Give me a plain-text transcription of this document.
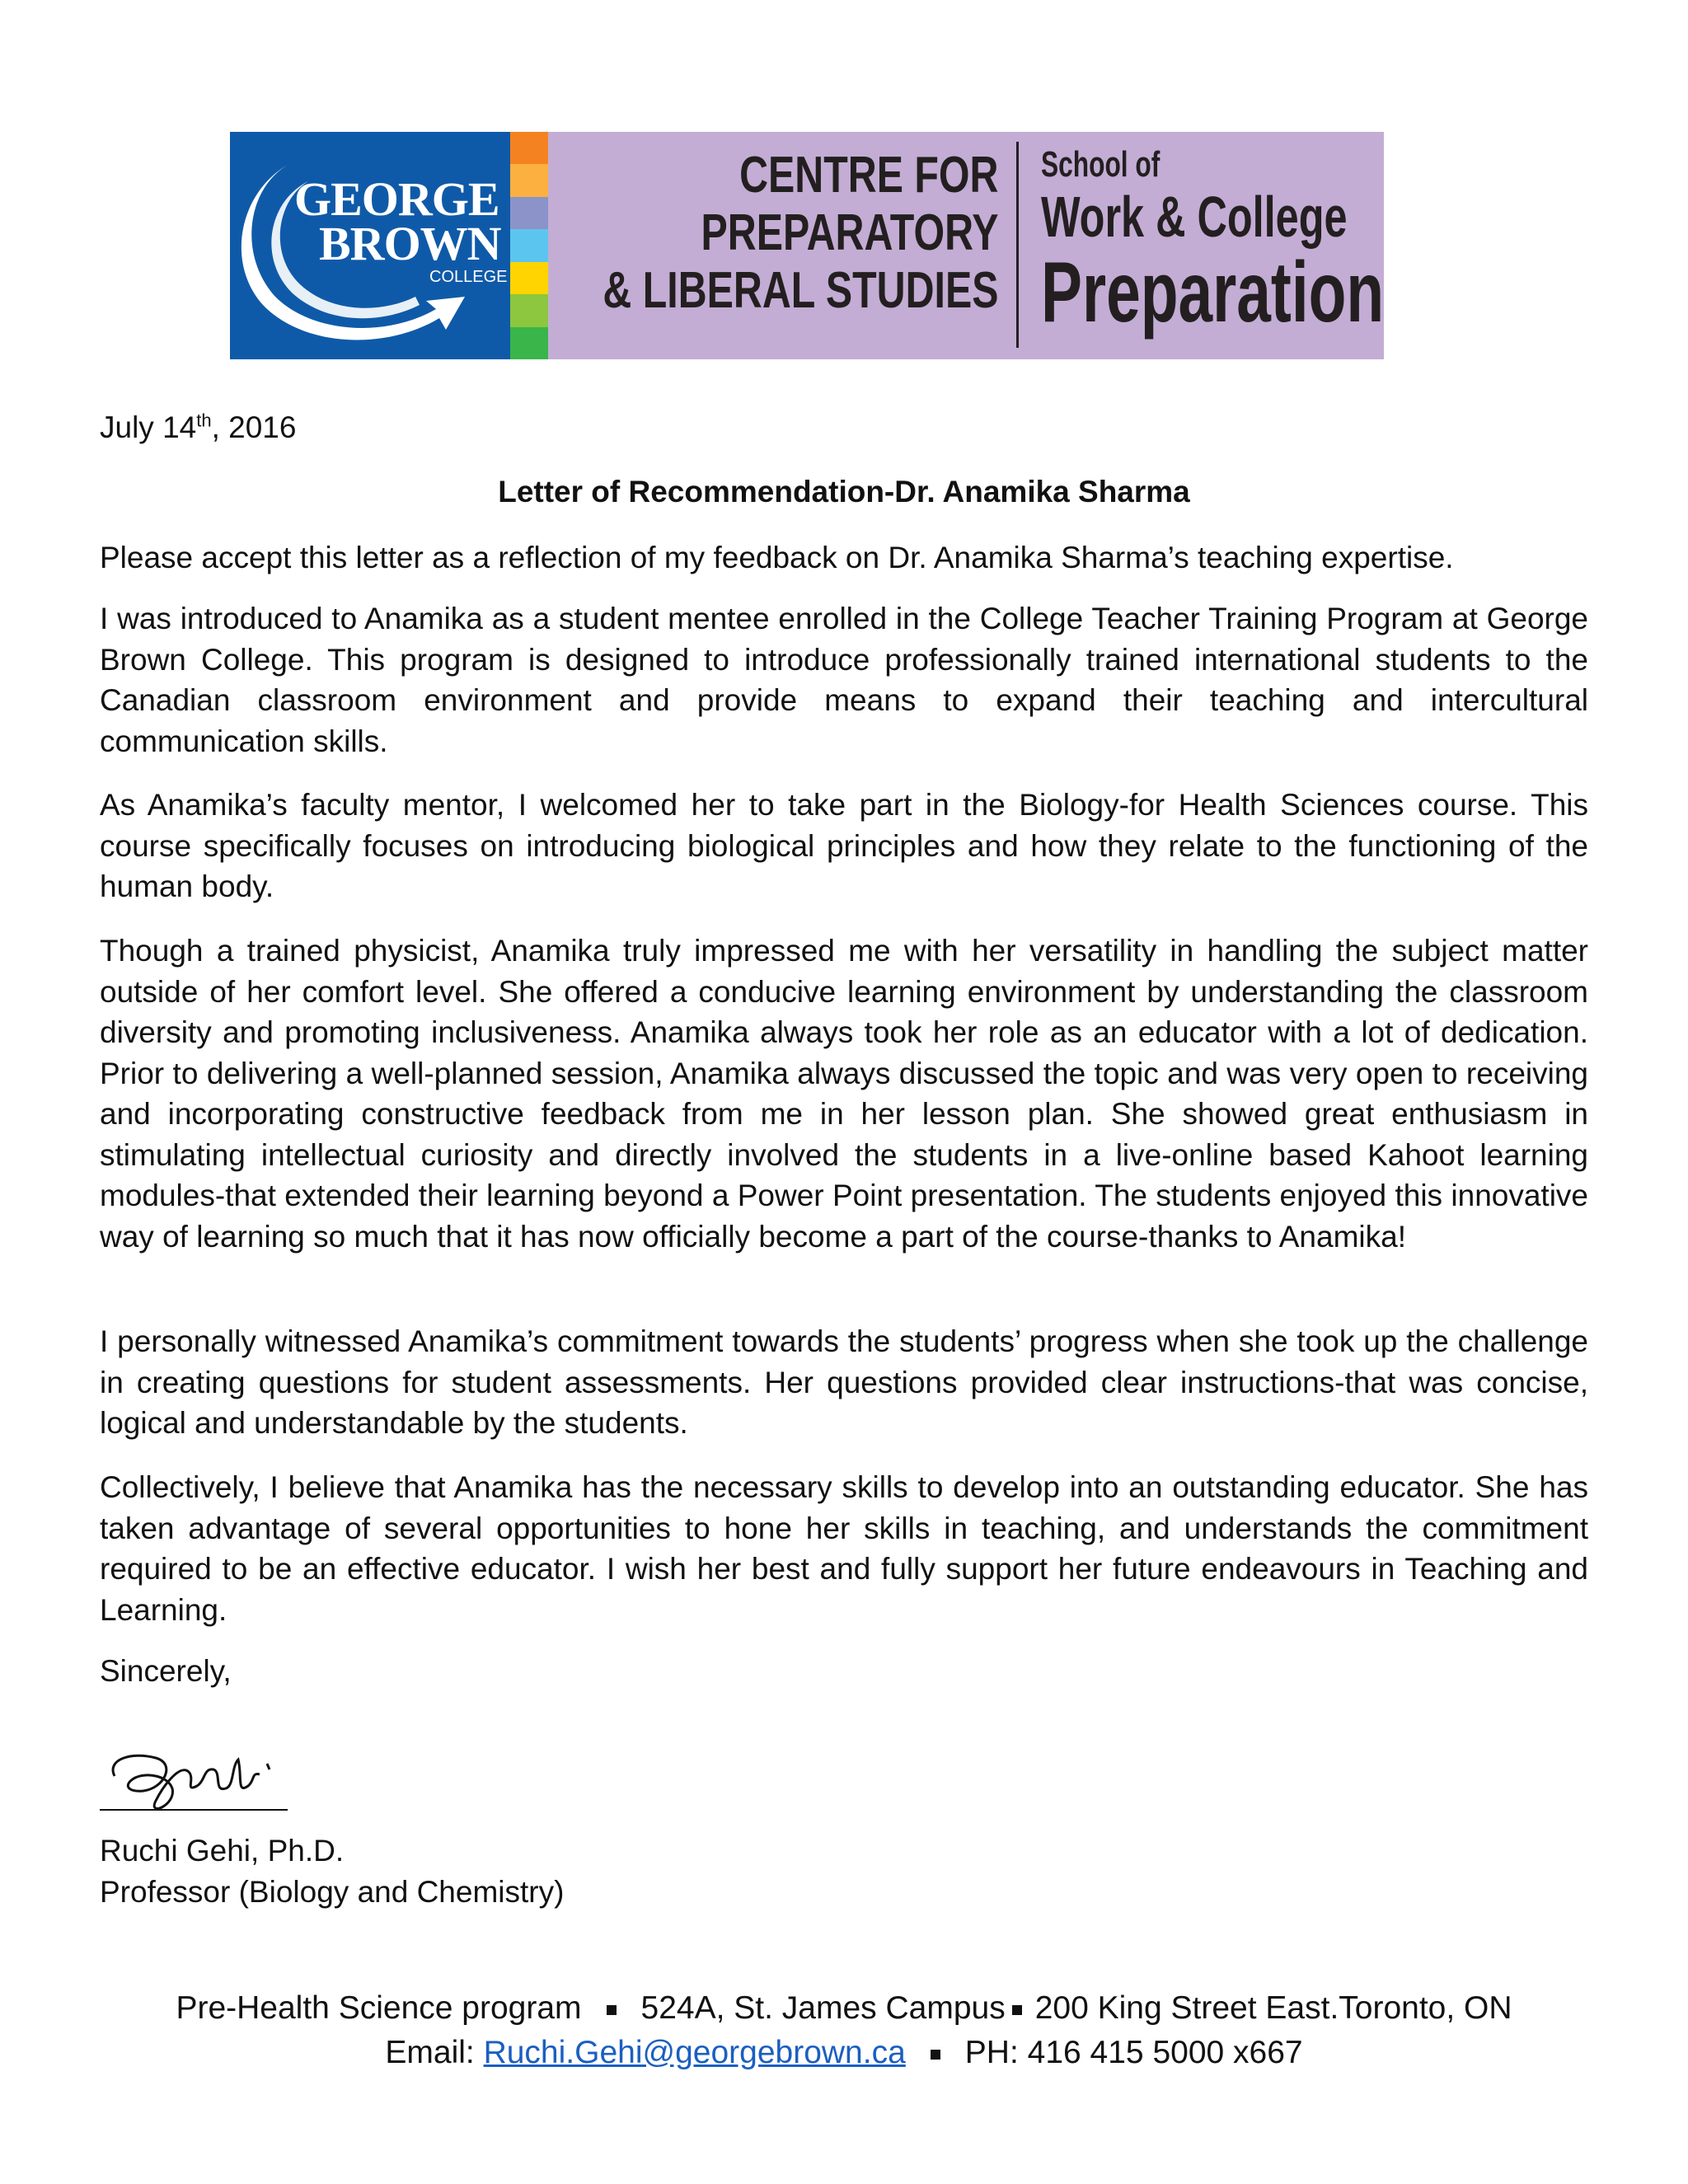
GEORGE
BROWN
COLLEGE
CENTRE FOR
PREPARATORY
& LIBERAL STUDIES
School of
Work & College
Preparation
July 14th, 2016
Letter of Recommendation-Dr. Anamika Sharma
Please accept this letter as a reflection of my feedback on Dr. Anamika Sharma’s teaching expertise.
I was introduced to Anamika as a student mentee enrolled in the College Teacher Training Program at George Brown College. This program is designed to introduce professionally trained international students to the Canadian classroom environment and provide means to expand their teaching and intercultural communication skills.
As Anamika’s faculty mentor, I welcomed her to take part in the Biology-for Health Sciences course. This course specifically focuses on introducing biological principles and how they relate to the functioning of the human body.
Though a trained physicist, Anamika truly impressed me with her versatility in handling the subject matter outside of her comfort level. She offered a conducive learning environment by understanding the classroom diversity and promoting inclusiveness. Anamika always took her role as an educator with a lot of dedication. Prior to delivering a well-planned session, Anamika always discussed the topic and was very open to receiving and incorporating constructive feedback from me in her lesson plan. She showed great enthusiasm in stimulating intellectual curiosity and directly involved the students in a live-online based Kahoot learning modules-that extended their learning beyond a Power Point presentation. The students enjoyed this innovative way of learning so much that it has now officially become a part of the course-thanks to Anamika!
I personally witnessed Anamika’s commitment towards the students’ progress when she took up the challenge in creating questions for student assessments. Her questions provided clear instructions-that was concise, logical and understandable by the students.
Collectively, I believe that Anamika has the necessary skills to develop into an outstanding educator. She has taken advantage of several opportunities to hone her skills in teaching, and understands the commitment required to be an effective educator. I wish her best and fully support her future endeavours in Teaching and Learning.
Sincerely,
Ruchi Gehi, Ph.D.
Professor (Biology and Chemistry)
Pre-Health Science program 524A, St. James Campus 200 King Street East.Toronto, ON
Email: Ruchi.Gehi@georgebrown.ca PH: 416 415 5000 x667
